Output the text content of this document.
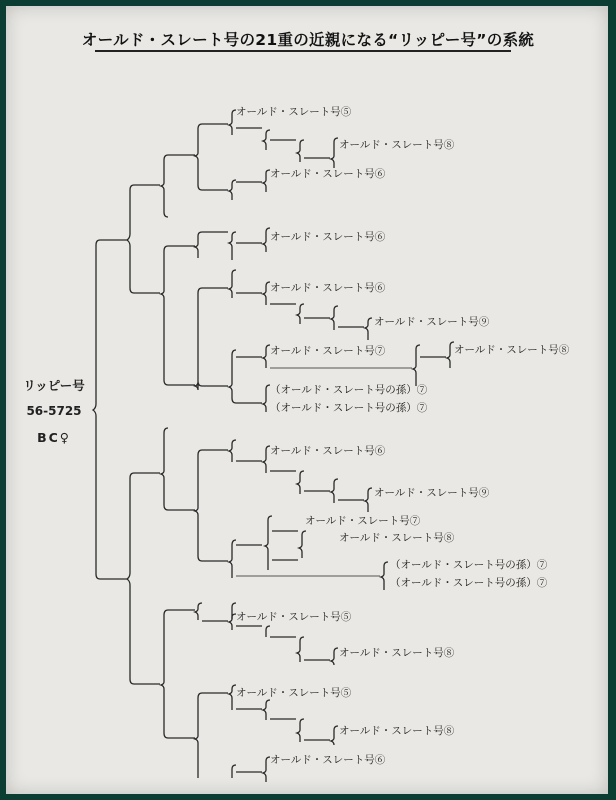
オールド・スレート号の21重の近親になる“リッピー号”の系統
リッピー号
56-5725
BC♀
オールド・スレート号⑤
オールド・スレート号⑧
オールド・スレート号⑥
オールド・スレート号⑥
オールド・スレート号⑥
オールド・スレート号⑨
オールド・スレート号⑦	オールド・スレート号⑧
（オールド・スレート号の孫）⑦
（オールド・スレート号の孫）⑦
オールド・スレート号⑥
オールド・スレート号⑨
オールド・スレート号⑦
オールド・スレート号⑧
（オールド・スレート号の孫）⑦
（オールド・スレート号の孫）⑦
オールド・スレート号⑤
オールド・スレート号⑧
オールド・スレート号⑤
オールド・スレート号⑧
オールド・スレート号⑥
